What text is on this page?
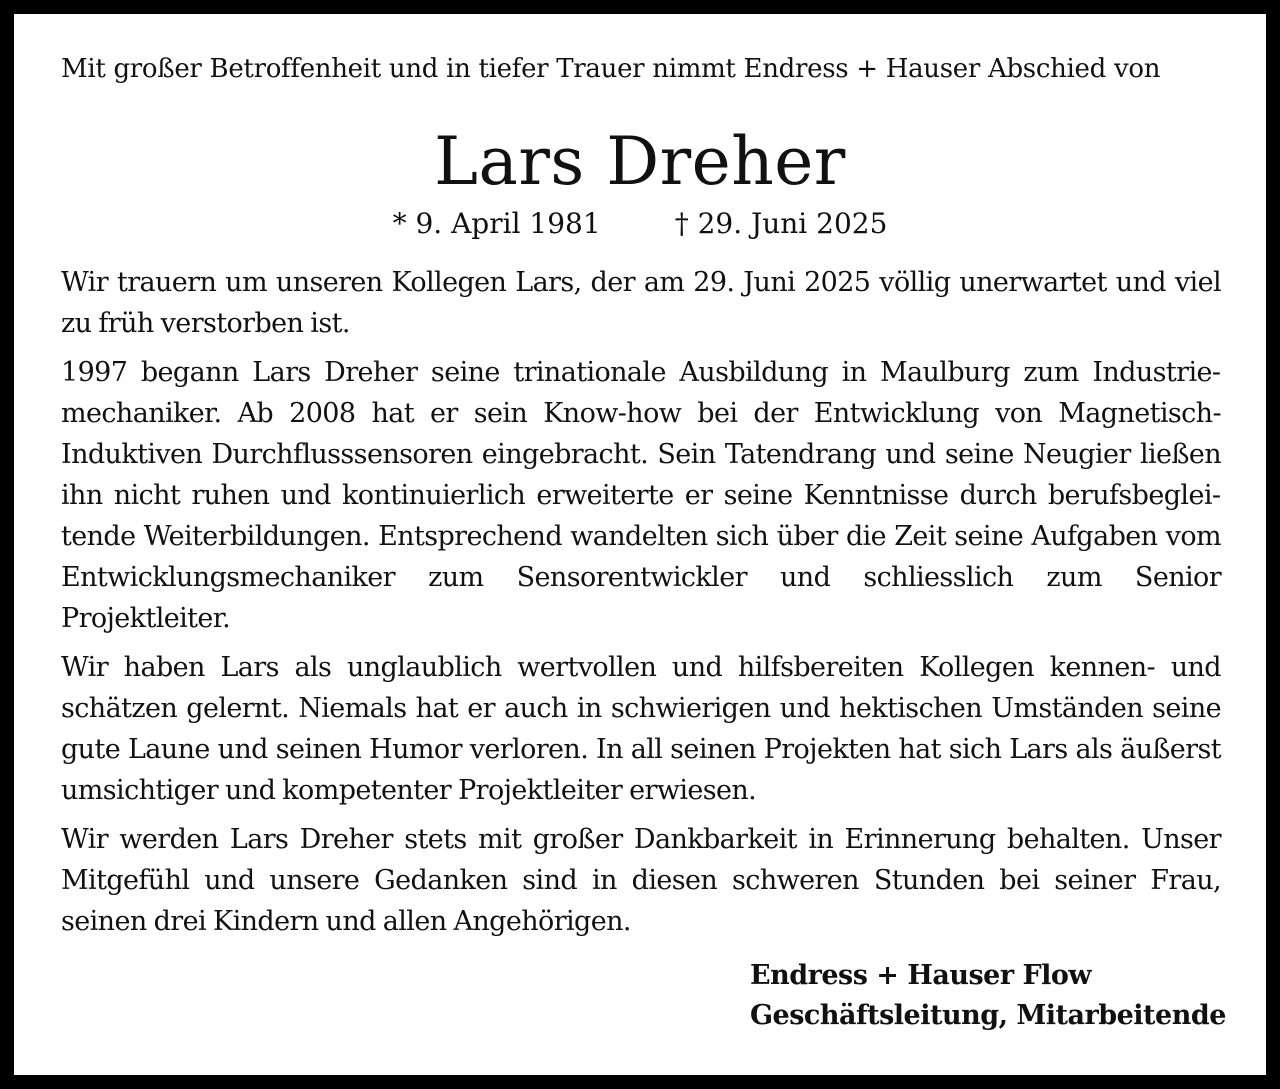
Mit großer Betroffenheit und in tiefer Trauer nimmt Endress + Hauser Abschied von
Lars Dreher
* 9. April 1981	† 29. Juni 2025

Wir trauern um unseren Kollegen Lars, der am 29. Juni 2025 völlig unerwartet und viel zu früh verstorben ist.

1997 begann Lars Dreher seine trinationale Ausbildung in Maulburg zum Industriemechaniker. Ab 2008 hat er sein Know-how bei der Entwicklung von Magnetisch-Induktiven Durchflusssensoren eingebracht. Sein Tatendrang und seine Neugier ließen ihn nicht ruhen und kontinuierlich erweiterte er seine Kenntnisse durch berufsbegleitende Weiterbildungen. Entsprechend wandelten sich über die Zeit seine Aufgaben vom Entwicklungsmechaniker zum Sensorentwickler und schliesslich zum Senior Projektleiter.

Wir haben Lars als unglaublich wertvollen und hilfsbereiten Kollegen kennen- und schätzen gelernt. Niemals hat er auch in schwierigen und hektischen Umständen seine gute Laune und seinen Humor verloren. In all seinen Projekten hat sich Lars als äußerst umsichtiger und kompetenter Projektleiter erwiesen.

Wir werden Lars Dreher stets mit großer Dankbarkeit in Erinnerung behalten. Unser Mitgefühl und unsere Gedanken sind in diesen schweren Stunden bei seiner Frau, seinen drei Kindern und allen Angehörigen.

Endress + Hauser Flow
Geschäftsleitung, Mitarbeitende
